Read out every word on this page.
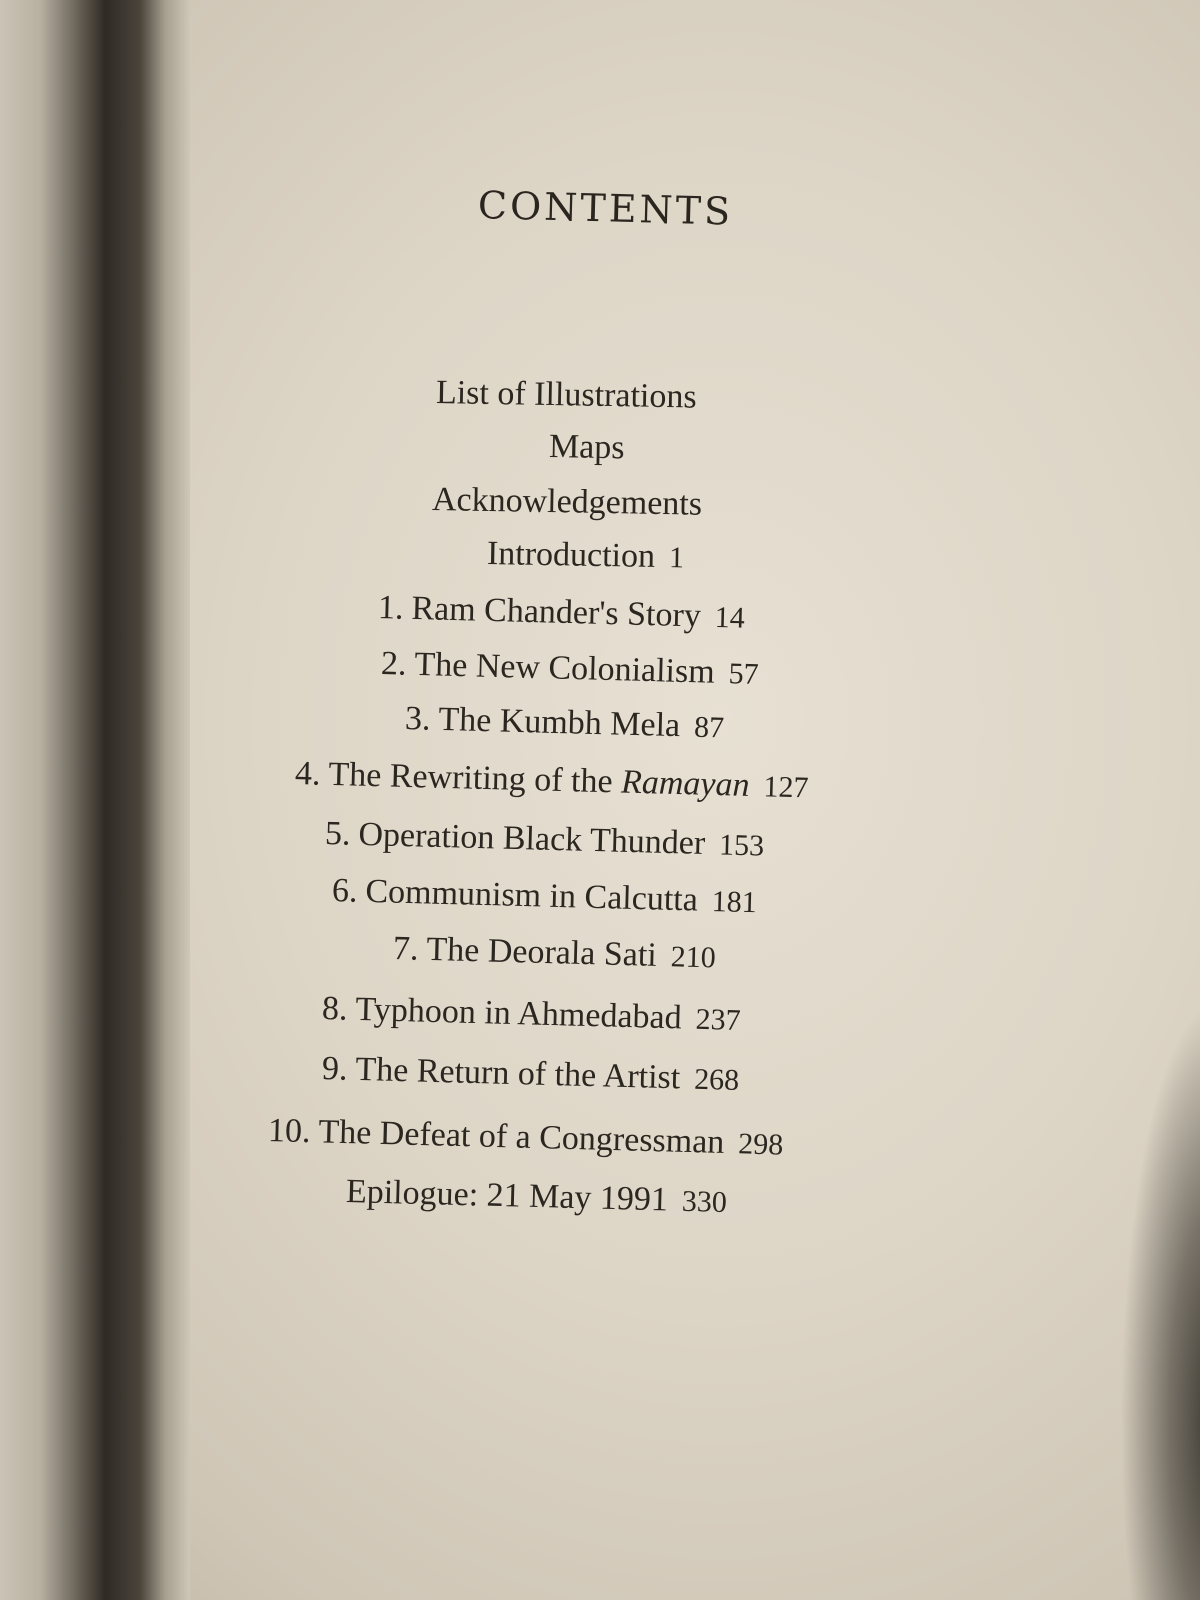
CONTENTS
List of Illustrations
Maps
Acknowledgements
Introduction 1
1. Ram Chander's Story 14
2. The New Colonialism 57
3. The Kumbh Mela 87
4. The Rewriting of the Ramayan 127
5. Operation Black Thunder 153
6. Communism in Calcutta 181
7. The Deorala Sati 210
8. Typhoon in Ahmedabad 237
9. The Return of the Artist 268
10. The Defeat of a Congressman 298
Epilogue: 21 May 1991 330
